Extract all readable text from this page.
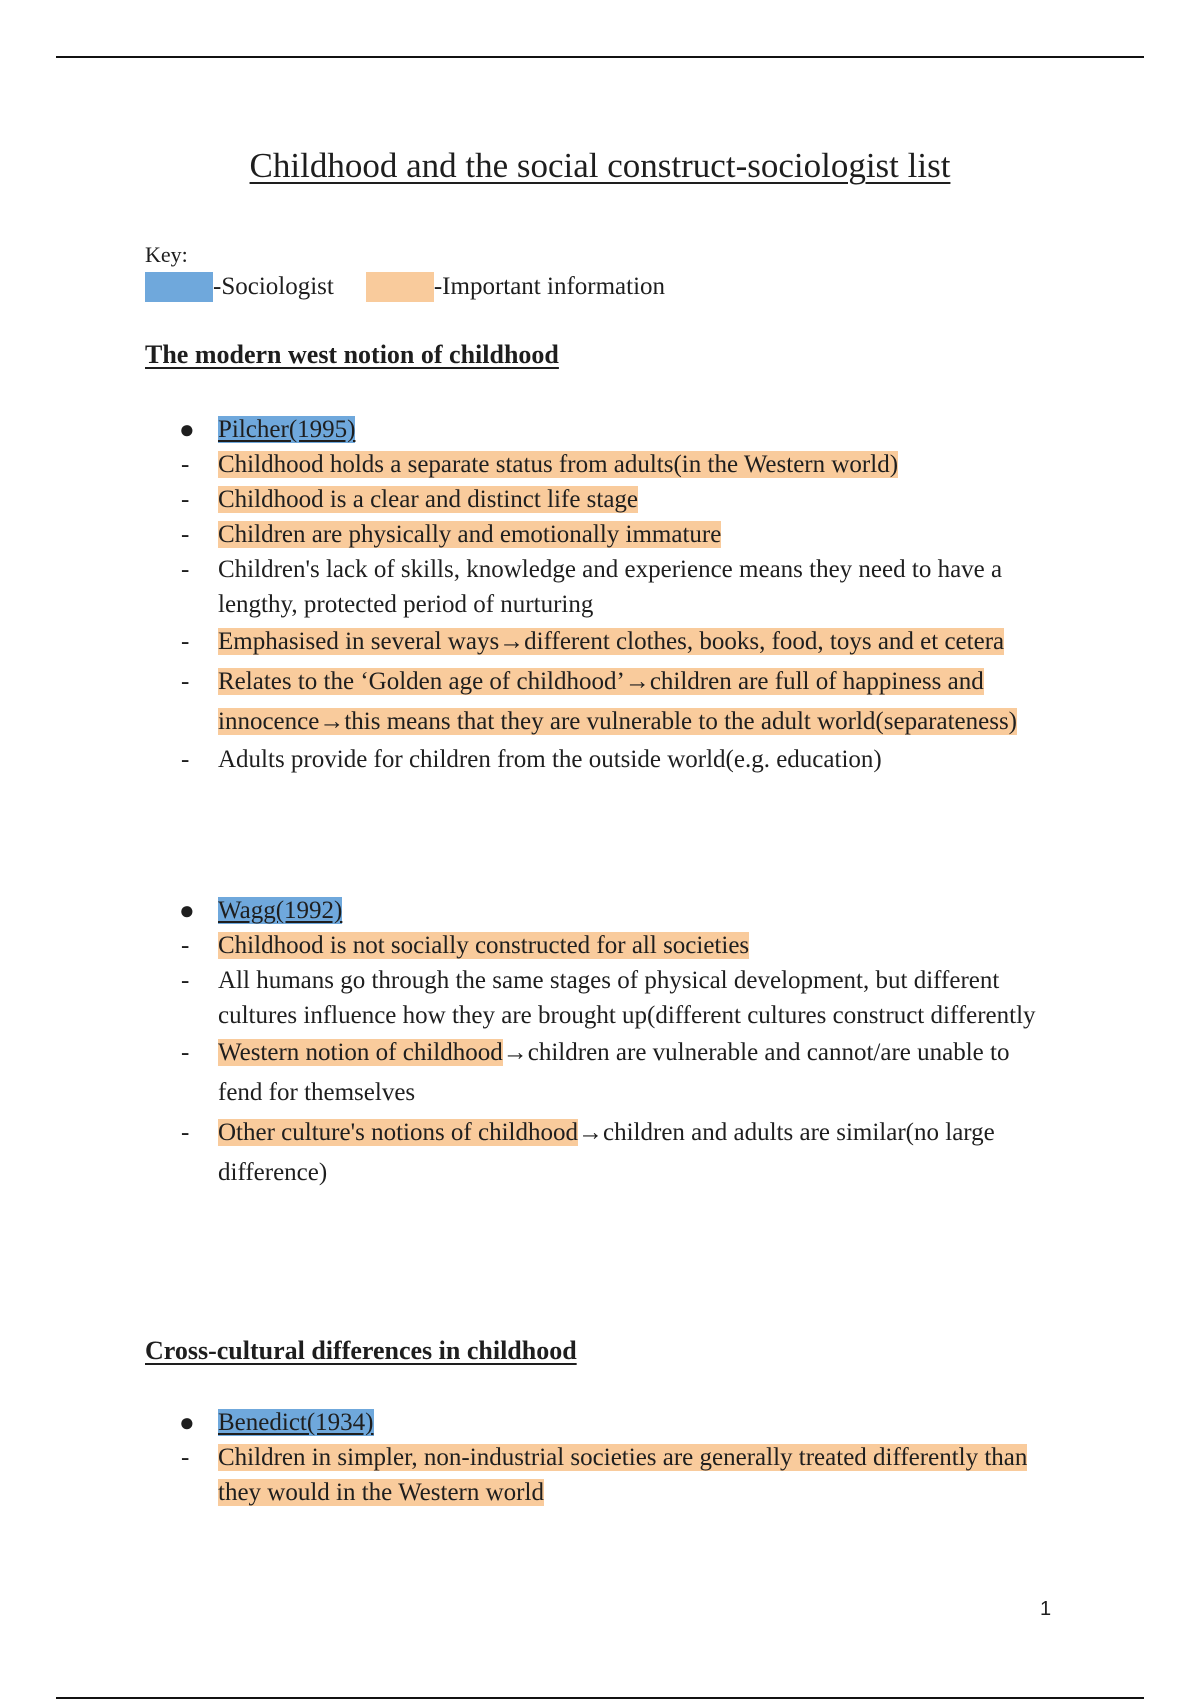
Childhood and the social construct-sociologist list
Key:
-Sociologist	-Important information
The modern west notion of childhood
● Pilcher(1995)
- Childhood holds a separate status from adults(in the Western world)
- Childhood is a clear and distinct life stage
- Children are physically and emotionally immature
- Children's lack of skills, knowledge and experience means they need to have a lengthy, protected period of nurturing
- Emphasised in several ways→different clothes, books, food, toys and et cetera
- Relates to the ‘Golden age of childhood’→children are full of happiness and innocence→this means that they are vulnerable to the adult world(separateness)
- Adults provide for children from the outside world(e.g. education)
● Wagg(1992)
- Childhood is not socially constructed for all societies
- All humans go through the same stages of physical development, but different cultures influence how they are brought up(different cultures construct differently
- Western notion of childhood→children are vulnerable and cannot/are unable to fend for themselves
- Other culture's notions of childhood→children and adults are similar(no large difference)
Cross-cultural differences in childhood
● Benedict(1934)
- Children in simpler, non-industrial societies are generally treated differently than they would in the Western world
1
